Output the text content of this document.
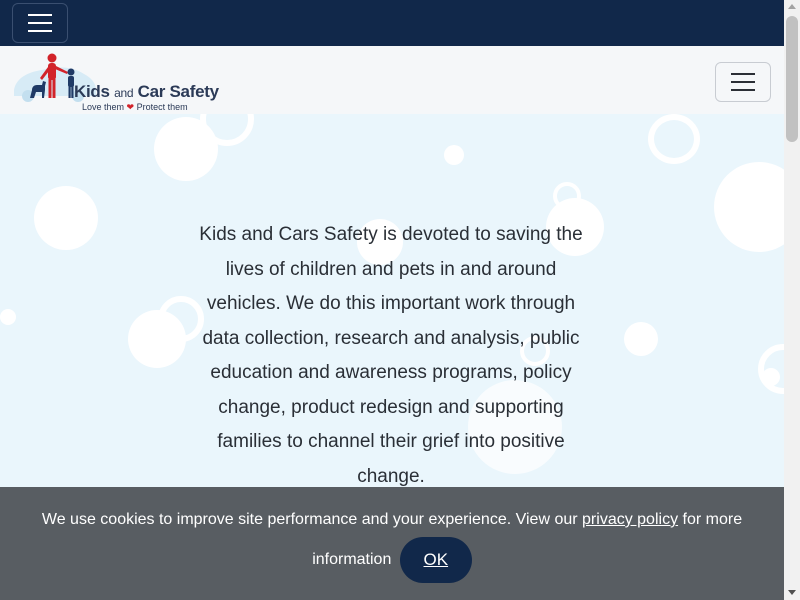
Kids and Car Safety
Love them ❤ Protect them

Kids and Cars Safety is devoted to saving the lives of children and pets in and around vehicles. We do this important work through data collection, research and analysis, public education and awareness programs, policy change, product redesign and supporting families to channel their grief into positive change.

We use cookies to improve site performance and your experience. View our privacy policy for more information OK
